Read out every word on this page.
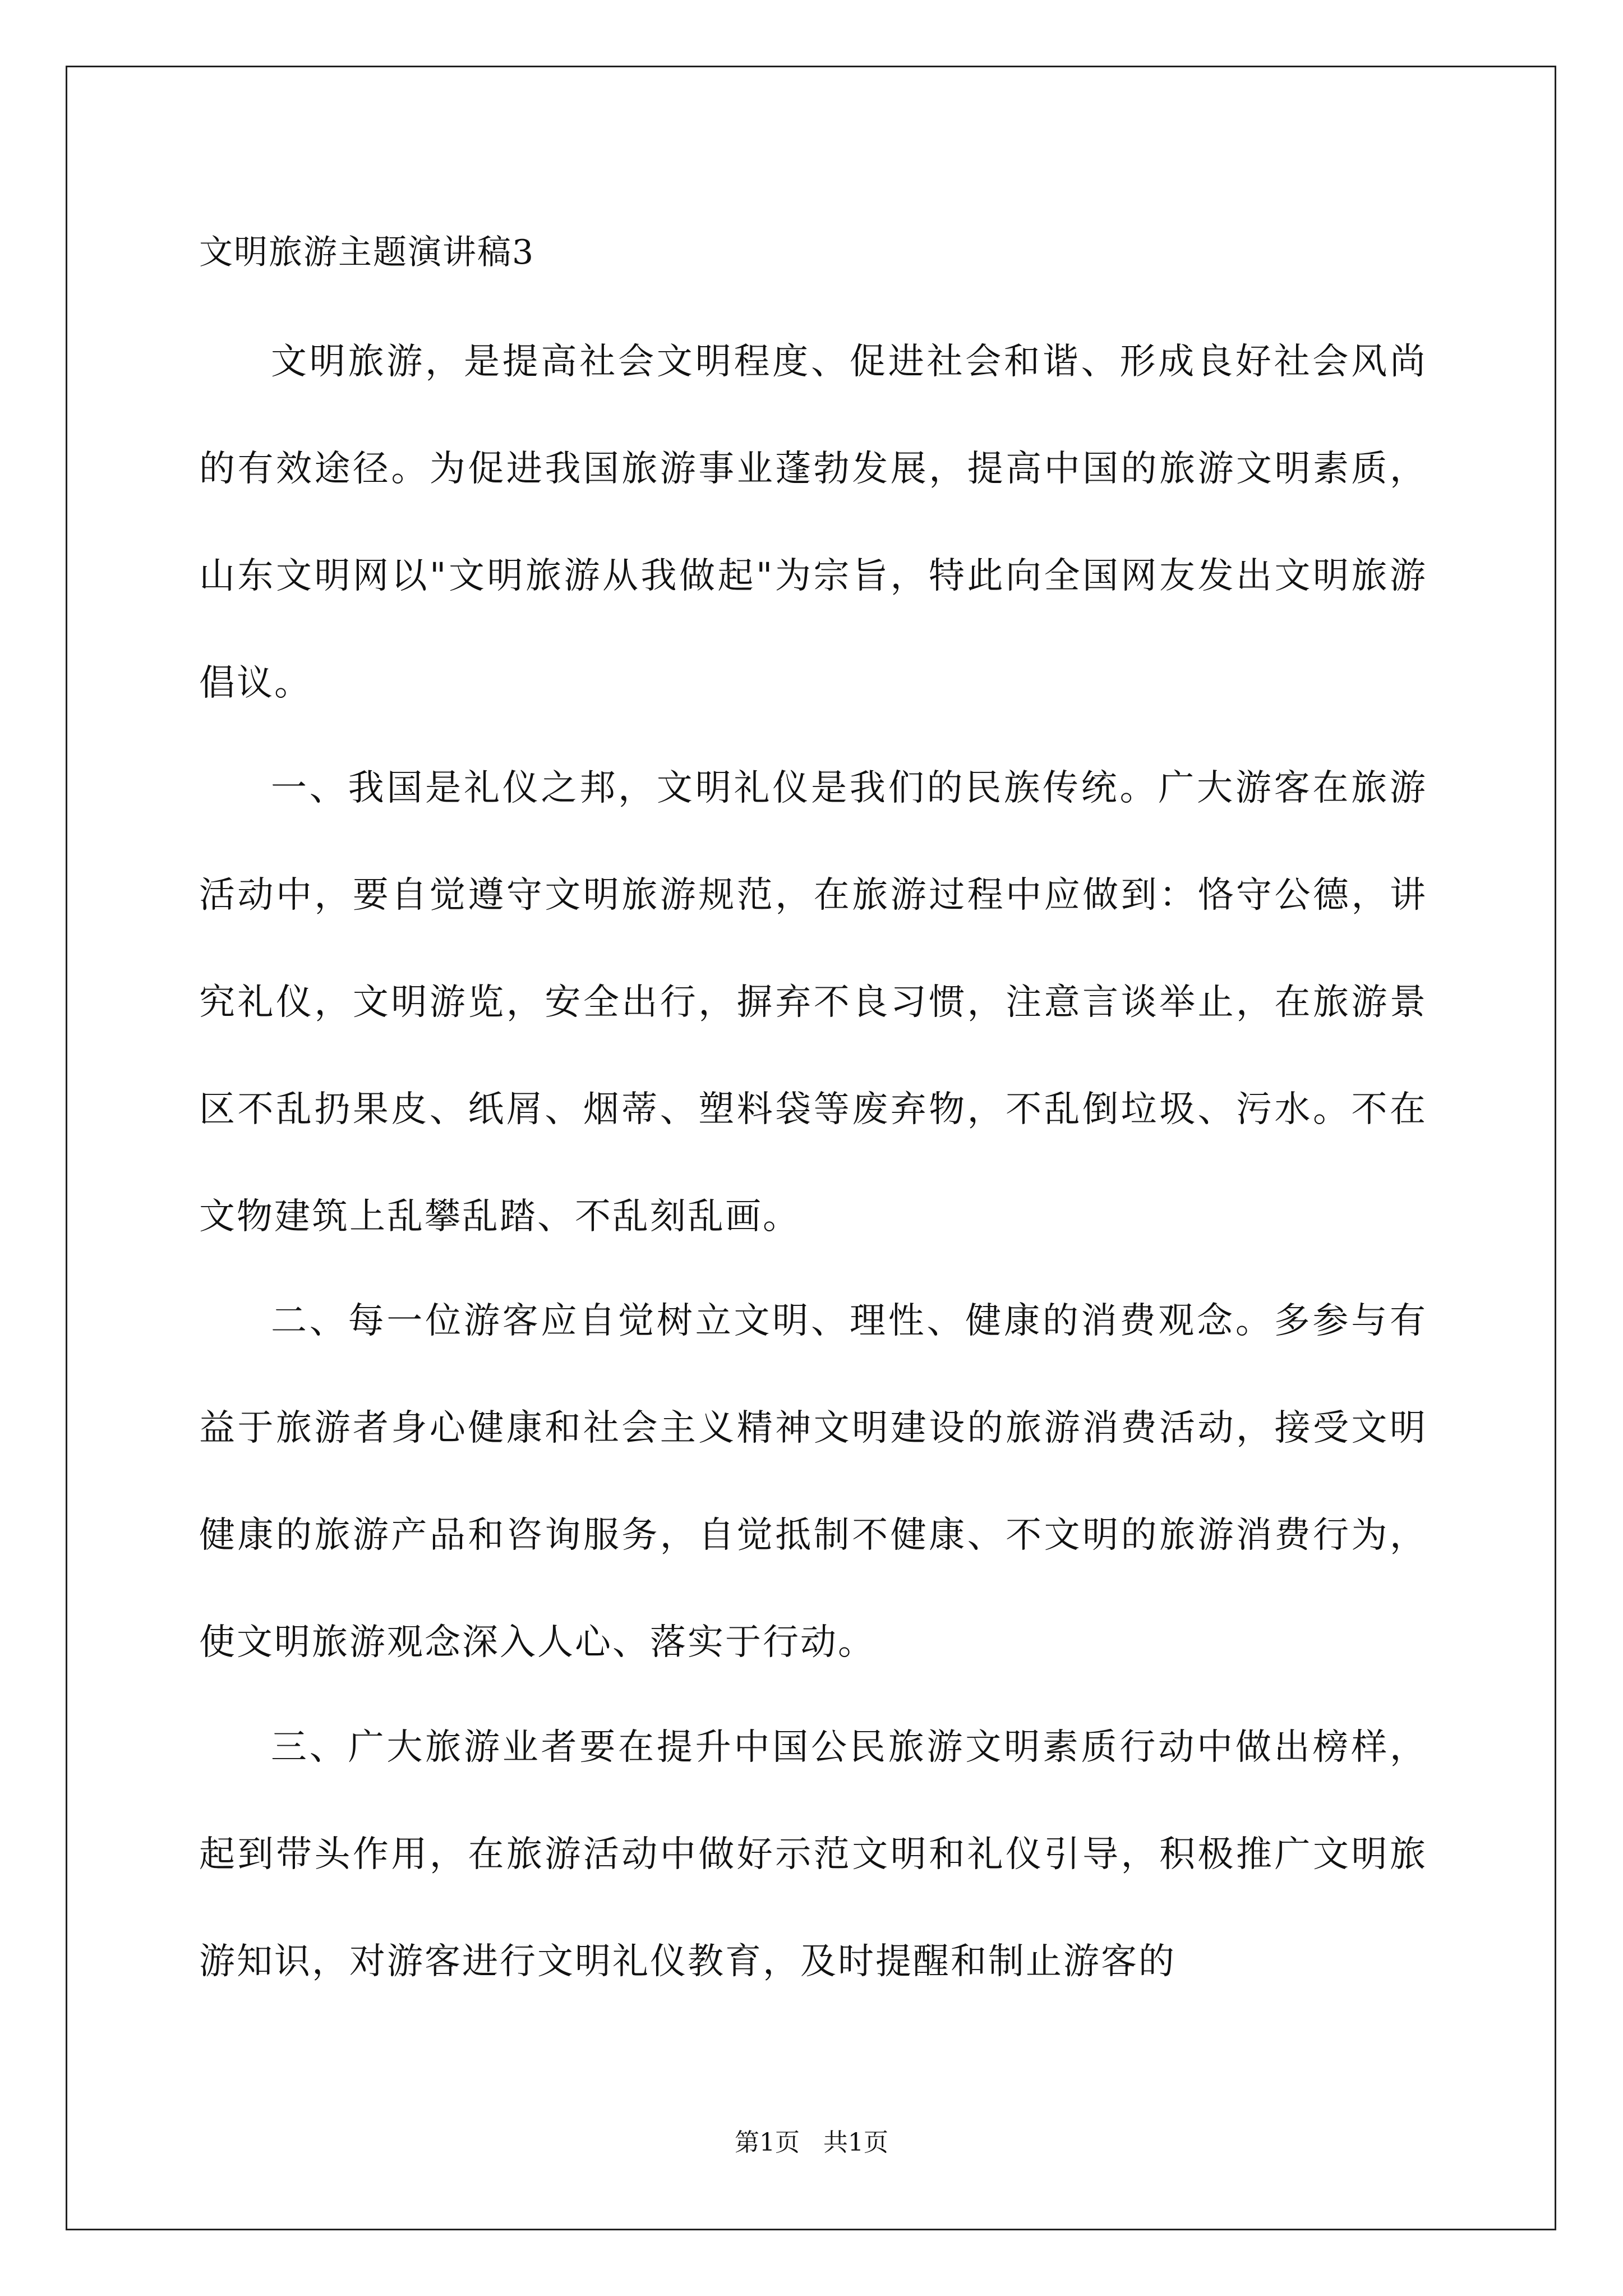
文明旅游主题演讲稿3

文明旅游，是提高社会文明程度、促进社会和谐、形成良好社会风尚的有效途径。为促进我国旅游事业蓬勃发展，提高中国的旅游文明素质，山东文明网以"文明旅游从我做起"为宗旨，特此向全国网友发出文明旅游倡议。

一、我国是礼仪之邦，文明礼仪是我们的民族传统。广大游客在旅游活动中，要自觉遵守文明旅游规范，在旅游过程中应做到：恪守公德，讲究礼仪，文明游览，安全出行，摒弃不良习惯，注意言谈举止，在旅游景区不乱扔果皮、纸屑、烟蒂、塑料袋等废弃物，不乱倒垃圾、污水。不在文物建筑上乱攀乱踏、不乱刻乱画。

二、每一位游客应自觉树立文明、理性、健康的消费观念。多参与有益于旅游者身心健康和社会主义精神文明建设的旅游消费活动，接受文明健康的旅游产品和咨询服务，自觉抵制不健康、不文明的旅游消费行为，使文明旅游观念深入人心、落实于行动。

三、广大旅游业者要在提升中国公民旅游文明素质行动中做出榜样，起到带头作用，在旅游活动中做好示范文明和礼仪引导，积极推广文明旅游知识，对游客进行文明礼仪教育，及时提醒和制止游客的

第1页   共1页
